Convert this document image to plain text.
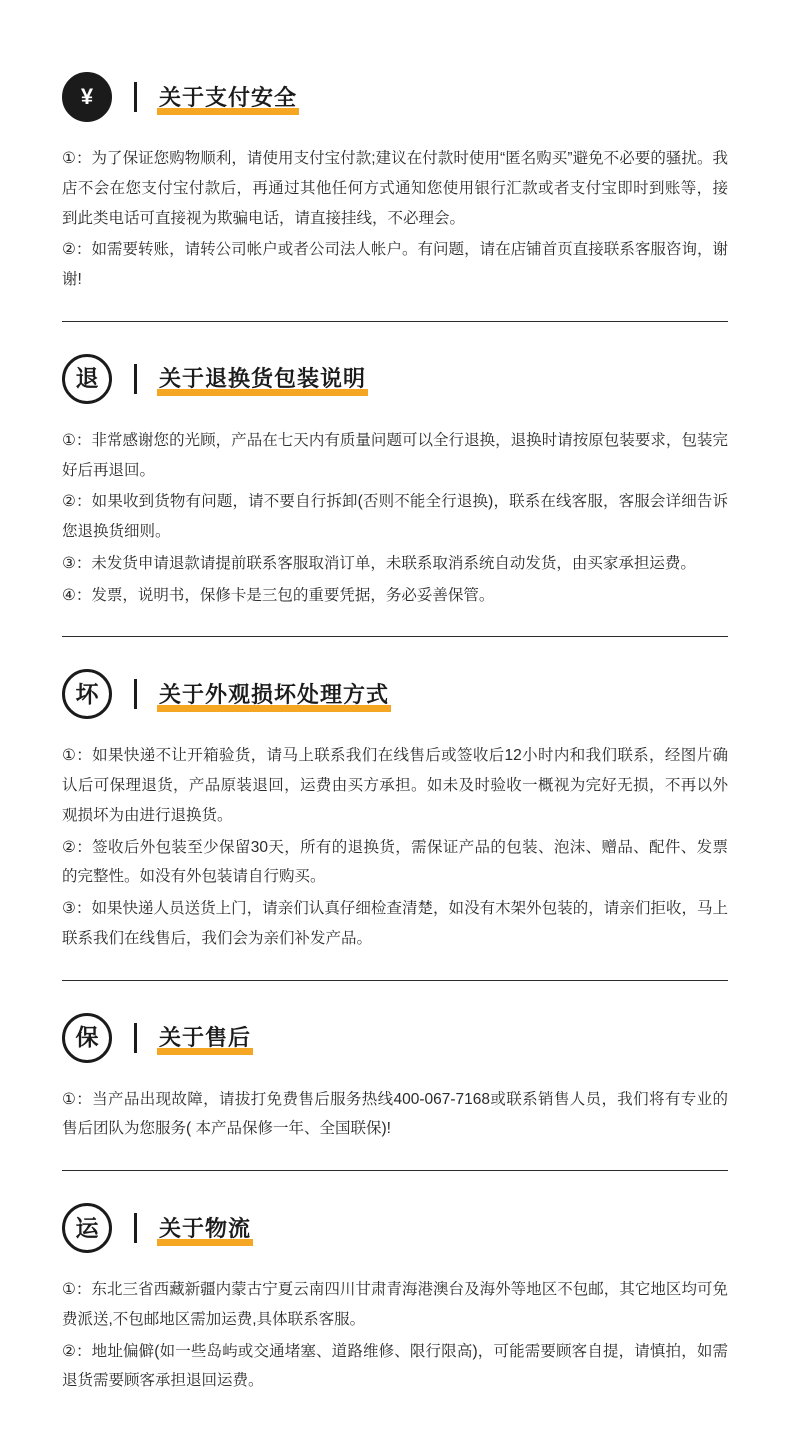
¥	关于支付安全
①：为了保证您购物顺利，请使用支付宝付款;建议在付款时使用“匿名购买”避免不必要的骚扰。我店不会在您支付宝付款后，再通过其他任何方式通知您使用银行汇款或者支付宝即时到账等，接到此类电话可直接视为欺骗电话，请直接挂线，不必理会。
②：如需要转账，请转公司帐户或者公司法人帐户。有问题，请在店铺首页直接联系客服咨询，谢谢!
退	关于退换货包装说明
①：非常感谢您的光顾，产品在七天内有质量问题可以全行退换，退换时请按原包装要求，包装完好后再退回。
②：如果收到货物有问题，请不要自行拆卸(否则不能全行退换)，联系在线客服，客服会详细告诉您退换货细则。
③：未发货申请退款请提前联系客服取消订单，未联系取消系统自动发货，由买家承担运费。
④：发票，说明书，保修卡是三包的重要凭据，务必妥善保管。
坏	关于外观损坏处理方式
①：如果快递不让开箱验货，请马上联系我们在线售后或签收后12小时内和我们联系，经图片确认后可保理退货，产品原装退回，运费由买方承担。如未及时验收一概视为完好无损，不再以外观损坏为由进行退换货。
②：签收后外包装至少保留30天，所有的退换货，需保证产品的包装、泡沫、赠品、配件、发票的完整性。如没有外包装请自行购买。
③：如果快递人员送货上门，请亲们认真仔细检查清楚，如没有木架外包装的，请亲们拒收，马上联系我们在线售后，我们会为亲们补发产品。
保	关于售后
①：当产品出现故障，请拔打免费售后服务热线400-067-7168或联系销售人员，我们将有专业的售后团队为您服务( 本产品保修一年、全国联保)!
运	关于物流
①：东北三省西藏新疆内蒙古宁夏云南四川甘肃青海港澳台及海外等地区不包邮，其它地区均可免费派送,不包邮地区需加运费,具体联系客服。
②：地址偏僻(如一些岛屿或交通堵塞、道路维修、限行限高)，可能需要顾客自提，请慎拍，如需退货需要顾客承担退回运费。
